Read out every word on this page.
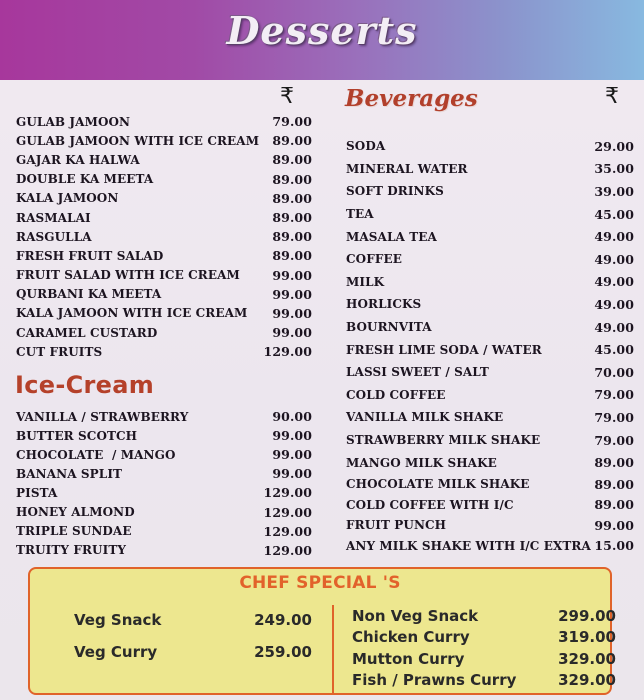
Desserts
₹	₹
GULAB JAMOON	79.00
GULAB JAMOON WITH ICE CREAM 89.00
GAJAR KA HALWA	89.00
DOUBLE KA MEETA	89.00
KALA JAMOON	89.00
RASMALAI	89.00
RASGULLA	89.00
FRESH FRUIT SALAD	89.00
FRUIT SALAD WITH ICE CREAM	99.00
QURBANI KA MEETA	99.00
KALA JAMOON WITH ICE CREAM 99.00
CARAMEL CUSTARD	99.00
CUT FRUITS	129.00
Ice-Cream
VANILLA / STRAWBERRY	90.00
BUTTER SCOTCH	99.00
CHOCOLATE  / MANGO	99.00
BANANA SPLIT	99.00
PISTA	129.00
HONEY ALMOND	129.00
TRIPLE SUNDAE	129.00
TRUITY FRUITY	129.00
Beverages
SODA	29.00
MINERAL WATER	35.00
SOFT DRINKS	39.00
TEA	45.00
MASALA TEA	49.00
COFFEE	49.00
MILK	49.00
HORLICKS	49.00
BOURNVITA	49.00
FRESH LIME SODA / WATER	45.00
LASSI SWEET / SALT	70.00
COLD COFFEE	79.00
VANILLA MILK SHAKE	79.00
STRAWBERRY MILK SHAKE	79.00
MANGO MILK SHAKE	89.00
CHOCOLATE MILK SHAKE	89.00
COLD COFFEE WITH I/C	89.00
FRUIT PUNCH	99.00
ANY MILK SHAKE WITH I/C EXTRA 15.00
CHEF SPECIAL 'S
Veg Snack	249.00
Veg Curry	259.00
Non Veg Snack	299.00
Chicken Curry	319.00
Mutton Curry	329.00
Fish / Prawns Curry	329.00
